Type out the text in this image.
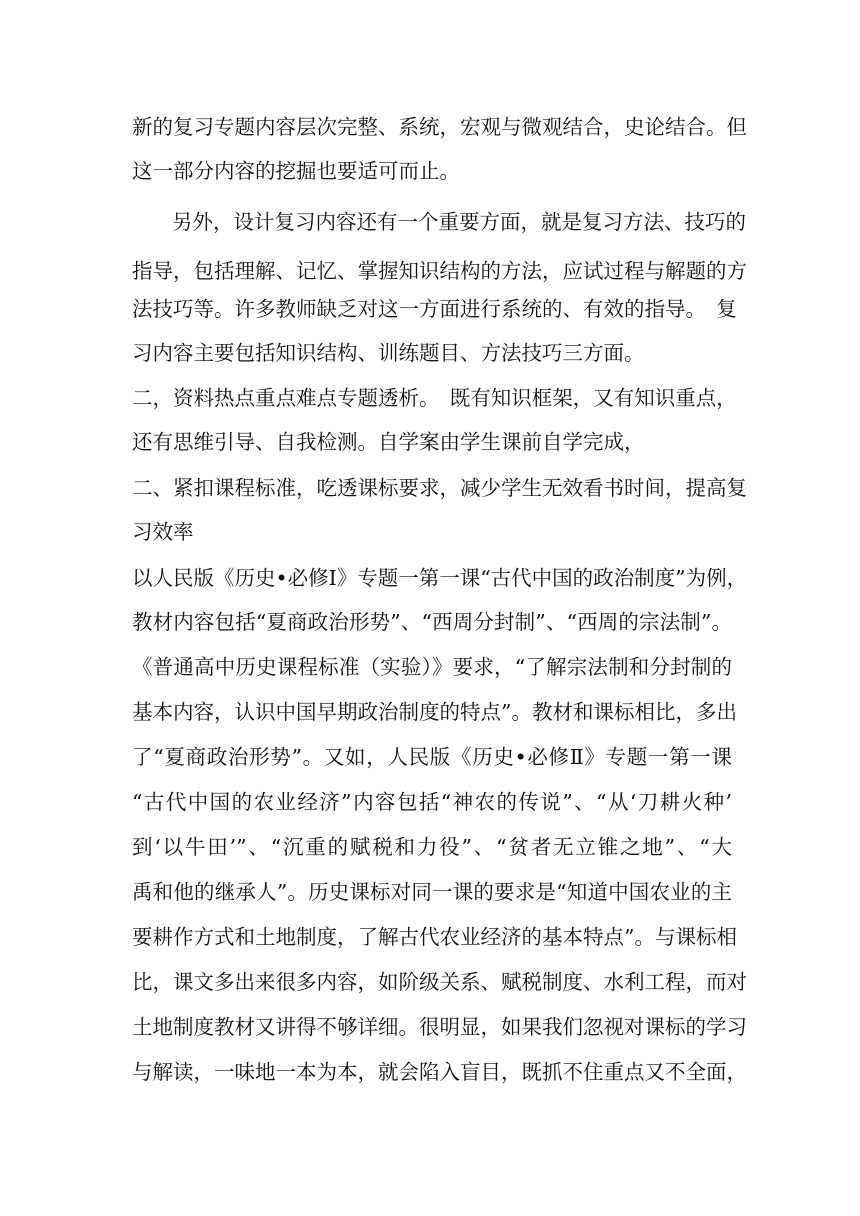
新的复习专题内容层次完整、系统，宏观与微观结合，史论结合。但
这一部分内容的挖掘也要适可而止。
另外，设计复习内容还有一个重要方面，就是复习方法、技巧的
指导，包括理解、记忆、掌握知识结构的方法，应试过程与解题的方
法技巧等。许多教师缺乏对这一方面进行系统的、有效的指导。　复
习内容主要包括知识结构、训练题目、方法技巧三方面。
二，资料热点重点难点专题透析。　既有知识框架，又有知识重点，
还有思维引导、自我检测。自学案由学生课前自学完成，
二、紧扣课程标准，吃透课标要求，减少学生无效看书时间，提高复
习效率
以人民版《历史•必修Ⅰ》专题一第一课“古代中国的政治制度”为例，
教材内容包括“夏商政治形势”、“西周分封制”、“西周的宗法制”。
《普通高中历史课程标准（实验）》要求，“了解宗法制和分封制的
基本内容，认识中国早期政治制度的特点”。教材和课标相比，多出
了“夏商政治形势”。又如，人民版《历史•必修Ⅱ》专题一第一课
“古代中国的农业经济”内容包括“神农的传说”、“从‘刀耕火种’
到‘以牛田’”、“沉重的赋税和力役”、“贫者无立锥之地”、“大
禹和他的继承人”。历史课标对同一课的要求是“知道中国农业的主
要耕作方式和土地制度，了解古代农业经济的基本特点”。与课标相
比，课文多出来很多内容，如阶级关系、赋税制度、水利工程，而对
土地制度教材又讲得不够详细。很明显，如果我们忽视对课标的学习
与解读，一味地一本为本，就会陷入盲目，既抓不住重点又不全面，
